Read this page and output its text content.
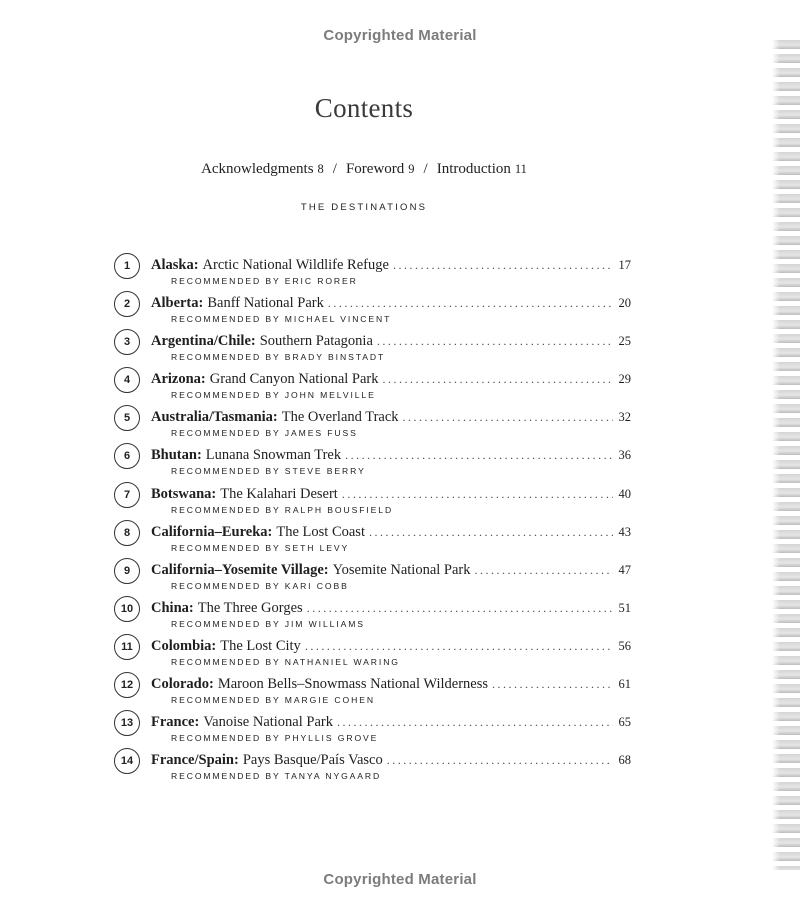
Copyrighted Material
Contents
Acknowledgments 8 / Foreword 9 / Introduction 11
THE DESTINATIONS
1	Alaska: Arctic National Wildlife Refuge .....	17
RECOMMENDED BY ERIC RORER
2	Alberta: Banff National Park .....	20
RECOMMENDED BY MICHAEL VINCENT
3	Argentina/Chile: Southern Patagonia .....	25
RECOMMENDED BY BRADY BINSTADT
4	Arizona: Grand Canyon National Park .....	29
RECOMMENDED BY JOHN MELVILLE
5	Australia/Tasmania: The Overland Track .....	32
RECOMMENDED BY JAMES FUSS
6	Bhutan: Lunana Snowman Trek .....	36
RECOMMENDED BY STEVE BERRY
7	Botswana: The Kalahari Desert .....	40
RECOMMENDED BY RALPH BOUSFIELD
8	California–Eureka: The Lost Coast .....	43
RECOMMENDED BY SETH LEVY
9	California–Yosemite Village: Yosemite National Park .....	47
RECOMMENDED BY KARI COBB
10	China: The Three Gorges .....	51
RECOMMENDED BY JIM WILLIAMS
11	Colombia: The Lost City .....	56
RECOMMENDED BY NATHANIEL WARING
12	Colorado: Maroon Bells–Snowmass National Wilderness .....	61
RECOMMENDED BY MARGIE COHEN
13	France: Vanoise National Park .....	65
RECOMMENDED BY PHYLLIS GROVE
14	France/Spain: Pays Basque/País Vasco .....	68
RECOMMENDED BY TANYA NYGAARD
Copyrighted Material
